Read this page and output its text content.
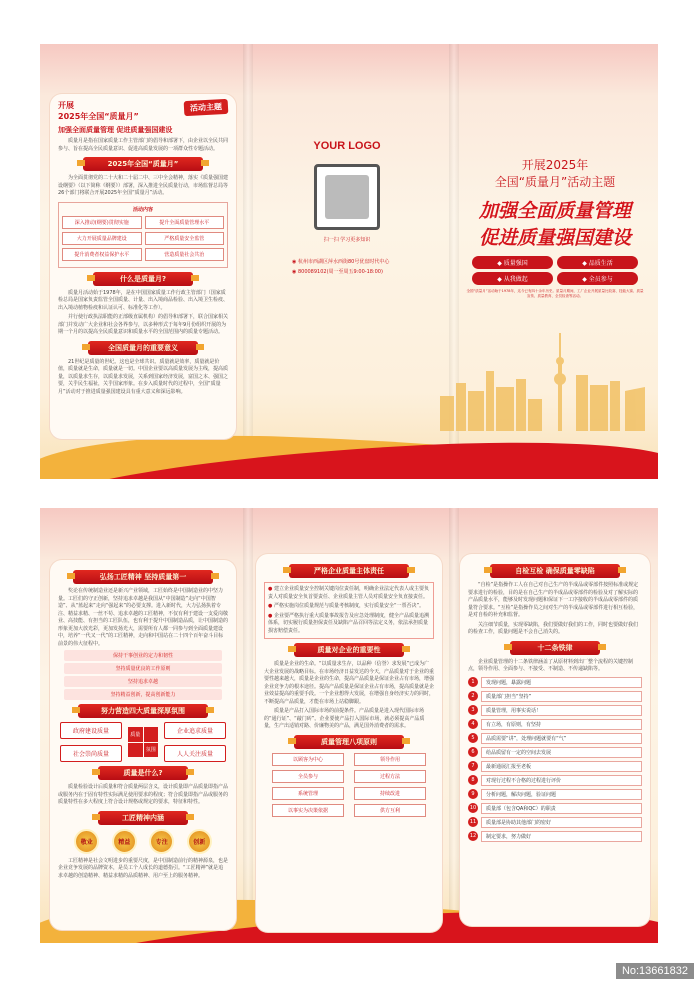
开展
2025年全国“质量月”
活动主题
加强全面质量管理 促进质量强国建设

质量月是指在国家质量工作主管部门的倡导和部署下，由企业以全民共同参与、旨在提高全民质量意识、促进高质量发展的一项群众性专题活动。

2025年全国“质量月”

为全面贯彻党的二十大和二十届二中、三中全会精神，落实《质量强国建设纲要》（以下简称《纲要》）部署，深入推进全民质量行动，市场监督总局等26个部门将联合开展2025年全国“质量月”活动。

活动内容
深入推动(纲要)贯彻实施	提升全面质量管理水平
大力开展质量品牌建设	严格质量安全监管
提升消费者权益保护水平	营造质量社会共治
什么是质量月?

质量月活动始于1978年，是在中国国家质量工作行政主管部门（国家质检总局是国家负责监管全国质量、计量、出入境商品检验、出入境卫生检疫、出入境动植物检疫和认证认可、标准化等工作）。

并行使行政执法职能的正部级直属机构）的倡导和部署下，联合国家相关部门并发动广大企业和社会各界参与，以多种形式于每年9月份组织开展的为期一个月的以提高全民质量意识和质量水平的全国范围内的质量专题活动。

全国质量月的重要意义

21世纪是质量的世纪。这也是全球共识。质量就是效率，质量就是价值，质量就是生命，质量就是一切。中国企业要以高质量发展为主线，提高质量，以质量求生存，以质量求发展，关系到国家经济发展，富国之本、强国之要，关乎民生福祉，关乎国家形象。在步入质量时代的过程中，全国“质量月”活动对于推进质量强国建设具有重大意义和深远影响。

YOUR LOGO
扫一扫 学习更多知识
◉ 杭州市西湖区萍水西街80号优盘时代中心
◉ 800089102(周一至周五9:00-18:00)
开展2025年
全国“质量月”活动主题
加强全面质量管理
促进质量强国建设
◆ 质量强国	◆ 品质生活
◆ 从我做起	◆ 全员参与
全国“质量月”活动始于1978年，迄今已有四十余年历史。质量月期间，工厂企业开展质量比较赛、技能大赛、质量宣传、质量教育、全员检查等活动。
弘扬工匠精神 坚持质量第一

奖论在传统制造业还是新兴产业领域，工匠始终是中国制造业的中坚力量。工匠们的守正创新，坚持追求卓越是我国从“中国制造”走向“中国智造”、从“蓝起来”走向“强起来”的必要支撑。进入新时代，大力弘扬执着专注、精益求精、一丝不苟、追求卓越的工匠精神，不仅有利于建设一支爱岗敬业、高技能、有担当的工匠队伍，也有利于提升中国制造品质，让中国制造的形象更加大放光彩，更加发扬光大，需要所有人都一同参与到全面质量建设中，培养“一代又一代”的工匠精神，走向和中国站在二十四个百年奋斗目标前景的伟大征程中。

保持干事创业的定力和韧性
坚持质量优良的工作原则
坚持追求卓越
坚持精益创新，提高创新能力
努力营造四大质量深厚氛围
政府建设质量
社会崇尚质量
质量
氛围
企业追求质量
人人关注质量
质量是什么?

质量检验设计后质量和符合质量两层含义，设计质量即产品质量即指产品或服务内在于固有特性实际满足使用要求的程度；符合质量即指产品或服务的质量特性在多大程度上符合设计规格或规定的要求，特征和特性。

工匠精神内涵
敬业	精益	专注	创新

工匠精神是社会文明进步的重要尺度，是中国制造前行的精神源泉，也是企业竞争发展的品牌资本，是员工个人成长的道德指引。“工匠精神”就是追求卓越的创造精神、精益求精的品质精神、用户至上的服务精神。

严格企业质量主体责任
● 建立企业质量安全控制关键岗位责任制，明确企业法定代表人或主要负责人对质量安全负首要责任、企业质量主管人员对质量安全负直接责任。
● 严格实施岗位质量规范与质量考核制度，实行质量安全“一票否决”。
● 企业要严格执行重大质量事故报告及应急处理制度，健全产品质量追溯体系，切实履行质量担保责任及缺陷产品召回等法定义务，依法承担质量损害赔偿责任。
质量对企业的重要性

质量是企业的生命。“以质量求生存，以品种（信誉）求发展”已成为广大企业发展的战略目标。在市场经济日益发达的今天，产品质量对于企业的重要性越来越大，质量是企业的生命，提高产品质量是保证企业占有市场，增强企业竞争力的根本途径。提高产品质量是保证企业占有市场，提高质量就是企业效益提高的重要手段。一个企业想得大发展，在增强自身经济实力的同时，不断提高产品质量，才能在市场上站稳脚跟。

质量是产品打入国际市场的前提条件。产品质量是进入现代国际市场的“通行证”、“敲门砖”。企业要使产品打入国际市场，就必须提高产品质量，生产出适销对路、价廉物美的产品，满足国外消费者的需求。

质量管理八项原则
以顾客为中心	领导作用
全员参与	过程方法
系统管理	持续改进
以事实为决策依据	供方互利
自检互检 确保质量零缺陷

“自检”是指操作工人在自己对自己生产的半成品或零部件按照标准或规定要求进行的检验，目的是在自己生产的半成品或零部件的检验及对了解实际的产品质量水平，能够及时发现问题和保证下一工序接收的半成品或零部件的质量符合要求。“互检”是指操作员之间对生产的半成品或零部件进行相互检验，是对自检的补充和监督。

关注细节质量，实现零缺陷，我们要做好我们的工作，同时也要做好我们的检查工作，质量问题是不会自己消失的。

十二条铁律

企业质量管理的十二条铁律涵盖了从原材料到出厂整个流程的关键控制点，领导作用、全面参与、不接受、不制造、不传递缺陷等。

1	发现问题，暴露问题
2	质量部门担当“坚持”
3	质量管理，用事实说话！
4	有立场，有原则，有坚持
5	品质需要“讲”，处理问题就要有“气”
6	给品质留有一定的空间去发展
7	最新通展汇报至老板
8	对现行过程不合格的过程进行评价
9	分析问题，解决问题，验证问题
10	质量部（包含QA和QC）的职责
11	质量部是协助其他部门的密好
12	制定要求，努力做好
No:13661832
